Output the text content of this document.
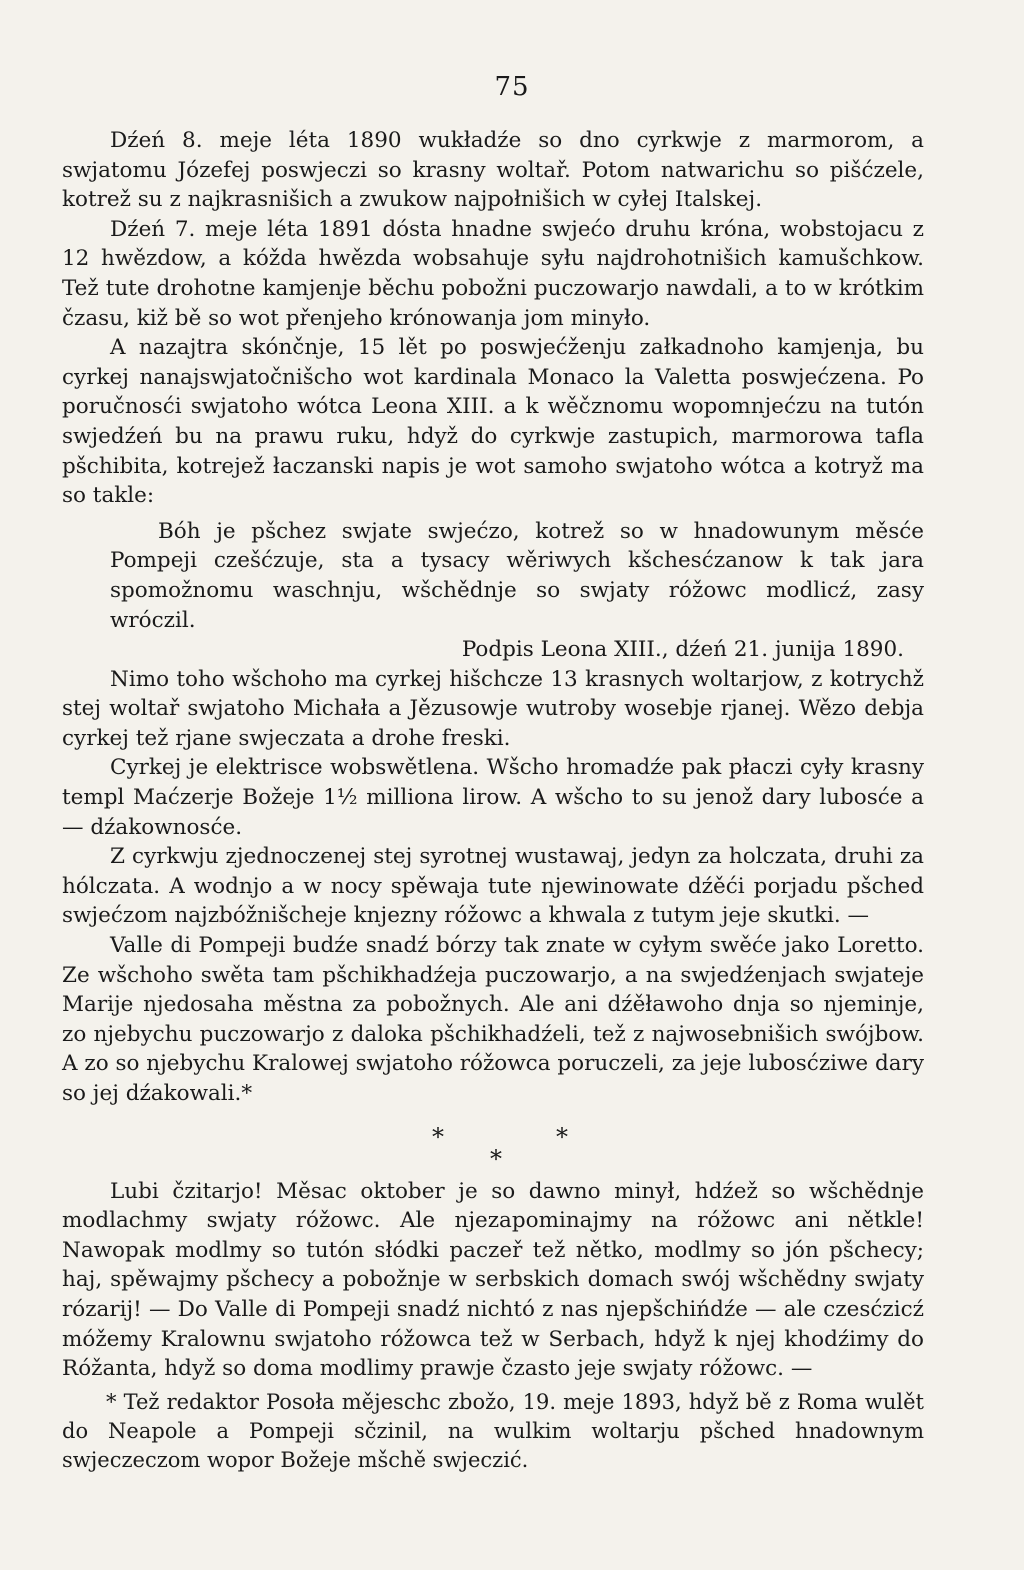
75

Dźeń 8. meje léta 1890 wukładźe so dno cyrkwje z marmorom, a swjatomu Józefej poswjeczi so krasny woltař. Potom natwarichu so pišćzele, kotrež su z najkrasnišich a zwukow najpołnišich w cyłej Italskej.

Dźeń 7. meje léta 1891 dósta hnadne swjećo druhu króna, wobstojacu z 12 hwězdow, a kóžda hwězda wobsahuje syłu najdrohotnišich kamušchkow. Tež tute drohotne kamjenje běchu pobožni puczowarjo nawdali, a to w krótkim čzasu, kiž bě so wot přenjeho krónowanja jom minyło.

A nazajtra skónčnje, 15 lět po poswjećženju załkadnoho kamjenja, bu cyrkej nanajswjatočnišcho wot kardinala Monaco la Valetta poswjećzena. Po poručnosći swjatoho wótca Leona XIII. a k wěčznomu wopomnjećzu na tutón swjedźeń bu na prawu ruku, hdyž do cyrkwje zastupich, marmorowa tafla pšchibita, kotrejež łaczanski napis je wot samoho swjatoho wótca a kotryž ma so takle:

Bóh je pšchez swjate swjećzo, kotrež so w hnadowunym měsće Pompeji czešćzuje, sta a tysacy wěriwych kšchesćzanow k tak jara spomožnomu waschnju, wšchědnje so swjaty róžowc modlicź, zasy wróczil.

Podpis Leona XIII., dźeń 21. junija 1890.

Nimo toho wšchoho ma cyrkej hišchcze 13 krasnych woltarjow, z kotrychž stej woltař swjatoho Michała a Jězusowje wutroby wosebje rjanej. Wězo debja cyrkej tež rjane swjeczata a drohe freski.

Cyrkej je elektrisce wobswětlena. Wšcho hromadźe pak płaczi cyły krasny templ Maćzerje Božeje 1½ milliona lirow. A wšcho to su jenož dary lubosće a — dźakownosće.

Z cyrkwju zjednoczenej stej syrotnej wustawaj, jedyn za holczata, druhi za hólczata. A wodnjo a w nocy spěwaja tute njewinowate dźěći porjadu pšched swjećzom najzbóžnišcheje knjezny róžowc a khwala z tutym jeje skutki. —

Valle di Pompeji budźe snadź bórzy tak znate w cyłym swěće jako Loretto. Ze wšchoho swěta tam pšchikhadźeja puczowarjo, a na swjedźenjach swjateje Marije njedosaha městna za pobožnych. Ale ani dźěławoho dnja so njeminje, zo njebychu puczowarjo z daloka pšchikhadźeli, tež z najwosebnišich swójbow. A zo so njebychu Kralowej swjatoho róžowca poruczeli, za jeje lubosćziwe dary so jej dźakowali.*

*	*
*

Lubi čzitarjo! Měsac oktober je so dawno minył, hdźež so wšchědnje modlachmy swjaty róžowc. Ale njezapominajmy na róžowc ani nětkle! Nawopak modlmy so tutón słódki paczeř tež nětko, modlmy so jón pšchecy; haj, spěwajmy pšchecy a pobožnje w serbskich domach swój wšchědny swjaty rózarij! — Do Valle di Pompeji snadź nichtó z nas njepšchińdźe — ale czesćzicź móžemy Kralownu swjatoho róžowca tež w Serbach, hdyž k njej khodźimy do Róžanta, hdyž so doma modlimy prawje čzasto jeje swjaty róžowc. —

* Tež redaktor Posoła mějeschc zbožo, 19. meje 1893, hdyž bě z Roma wulět do Neapole a Pompeji sčzinil, na wulkim woltarju pšched hnadownym swjeczeczom wopor Božeje mšchě swjeczić.
